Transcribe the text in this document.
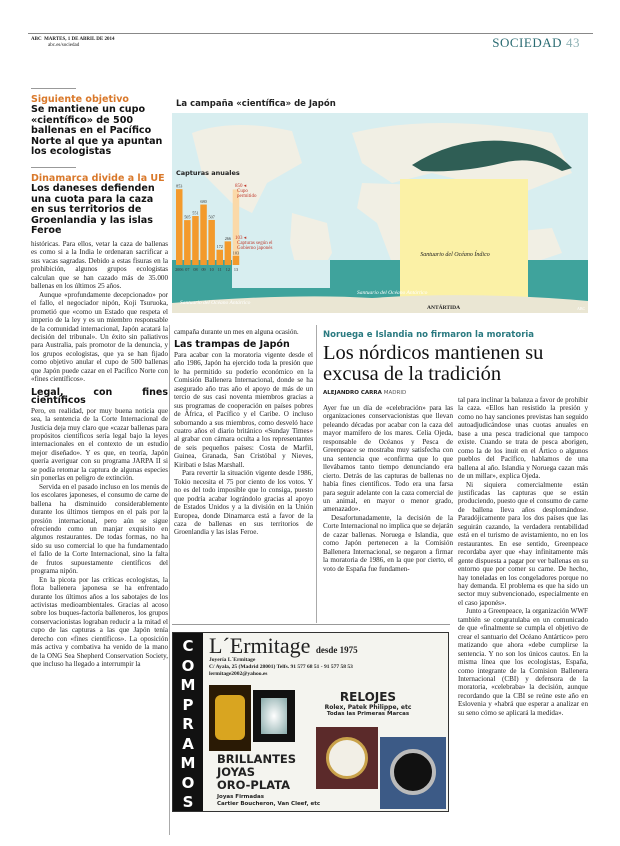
ABC MARTES, 1 DE ABRIL DE 2014
abc.es/sociedad	SOCIEDAD 43
Siguiente objetivo
Se mantiene un cupo «científico» de 500 ballenas en el Pacífico Norte al que ya apuntan los ecologistas
Dinamarca divide a la UE
Los daneses defienden una cuota para la caza en sus territorios de Groenlandia y las islas Feroe

históricas. Para ellos, vetar la caza de ballenas es como si a la India le ordenaran sacrificar a sus vacas sagradas. Debido a estas fisuras en la prohibición, algunos grupos ecologistas calculan que se han cazado más de 35.000 ballenas en los últimos 25 años.

Aunque «profundamente decepcionado» por el fallo, el negociador nipón, Koji Tsuruoka, prometió que «como un Estado que respeta el imperio de la ley y es un miembro responsable de la comunidad internacional, Japón acatará la decisión del tribunal». Un éxito sin paliativos para Australia, país promotor de la denuncia, y los grupos ecologistas, que ya se han fijado como objetivo anular el cupo de 500 ballenas que Japón puede cazar en el Pacífico Norte con «fines científicos».

Legal, con fines científicos

Pero, en realidad, por muy buena noticia que sea, la sentencia de la Corte Internacional de Justicia deja muy claro que «cazar ballenas para propósitos científicos sería legal bajo la leyes internacionales en el contexto de un estudio mejor diseñado». Y es que, en teoría, Japón quería averiguar con su programa JARPA II si se podía retomar la captura de algunas especies sin ponerlas en peligro de extinción.

Servida en el pasado incluso en los menús de los escolares japoneses, el consumo de carne de ballena ha disminuido considerablemente durante los últimos tiempos en el país por la presión internacional, pero aún se sigue ofreciendo como un manjar exquisito en algunos restaurantes. De todas formas, no ha sido su uso comercial lo que ha fundamentado el fallo de la Corte Internacional, sino la falta de frutos supuestamente científicos del programa nipón.

En la picota por las críticas ecologistas, la flota ballenera japonesa se ha enfrentado durante los últimos años a los sabotajes de los activistas medioambientales. Gracias al acoso sobre los buques-factoría balleneros, los grupos conservacionistas lograban reducir a la mitad el cupo de las capturas a las que Japón tenía derecho con «fines científicos». La oposición más activa y combativa ha venido de la mano de la ONG Sea Shepherd Conservation Society, que incluso ha llegado a interrumpir la

La campaña «científica» de Japón
Santuario del Océano Índico
Santuario del Océano Antártico
Santuario del Océano Antártico
ANTÁRTIDA	ABC
Capturas anuales
853
2006
505
07
551
08
680
09
507
10
172
11
266
12
103
13
850 ◂
Cupo permitido
103 ◂
Capturas según el Gobierno japonés

campaña durante un mes en alguna ocasión.

Las trampas de Japón

Para acabar con la moratoria vigente desde el año 1986, Japón ha ejercido toda la presión que le ha permitido su poderío económico en la Comisión Ballenera Internacional, donde se ha asegurado año tras año el apoyo de más de un tercio de sus casi noventa miembros gracias a sus programas de cooperación en países pobres de África, el Pacífico y el Caribe. O incluso sobornando a sus miembros, como desveló hace cuatro años el diario británico «Sunday Times» al grabar con cámara oculta a los representantes de seis pequeños países: Costa de Marfil, Guinea, Granada, San Cristóbal y Nieves, Kiribati e Islas Marshall.

Para revertir la situación vigente desde 1986, Tokio necesita el 75 por ciento de los votos. Y no es del todo imposible que lo consiga, puesto que podría acabar lográndolo gracias al apoyo de Estados Unidos y a la división en la Unión Europea, donde Dinamarca está a favor de la caza de ballenas en sus territorios de Groenlandia y las islas Feroe.

Noruega e Islandia no firmaron la moratoria
Los nórdicos mantienen su excusa de la tradición
ALEJANDRO CARRA MADRID

Ayer fue un día de «celebración» para las organizaciones conservacionistas que llevan peleando décadas por acabar con la caza del mayor mamífero de los mares. Celia Ojeda, responsable de Océanos y Pesca de Greenpeace se mostraba muy satisfecha con una sentencia que «confirma que lo que llevábamos tanto tiempo denunciando era cierto. Detrás de las capturas de ballenas no había fines científicos. Todo era una farsa para seguir adelante con la caza comercial de un animal, en mayor o menor grado, amenazado».

Desafortunadamente, la decisión de la Corte Internacional no implica que se dejarán de cazar ballenas. Noruega e Islandia, que como Japón pertenecen a la Comisión Ballenera Internacional, se negaron a firmar la moratoria de 1986, en la que por cierto, el voto de España fue fundamen-

tal para inclinar la balanza a favor de prohibir la caza. «Ellos han resistido la presión y como no hay sanciones previstas han seguido autoadjudicándose unas cuotas anuales en base a una pesca tradicional que tampoco existe. Cuando se trata de pesca aborigen, como la de los inuit en el Ártico o algunos pueblos del Pacífico, hablamos de una ballena al año. Islandia y Noruega cazan más de un millar», explica Ojeda.

Ni siquiera comercialmente están justificadas las capturas que se están produciendo, puesto que el consumo de carne de ballena lleva años desplomándose. Paradójicamente para los dos países que las seguirán cazando, la verdadera rentabilidad está en el turismo de avistamiento, no en los restaurantes. En ese sentido, Greenpeace recordaba ayer que «hay infinitamente más gente dispuesta a pagar por ver ballenas en su entorno que por comer su carne. De hecho, hay toneladas en los congeladores porque no hay demanda. El problema es que ha sido un sector muy subvencionado, especialmente en el caso japonés».

Junto a Greenpeace, la organización WWF también se congratulaba en un comunicado de que «finalmente se cumpla el objetivo de crear el santuario del Océano Antártico» pero matizando que ahora «debe cumplirse la sentencia. Y no son los únicos cautos. En la misma línea que los ecologistas, España, como integrante de la Comision Ballenera Internacional (CBI) y defensora de la moratoria, «celebraba» la decisión, aunque recordando que la CBI se reúne este año en Eslovenia y «habrá que esperar a analizar en su seno cómo se aplicará la medida».

COMPRAMOS
L´Ermitage desde 1975
Joyería L´Ermitage
C/ Ayala, 25 (Madrid 28001) Telfs. 91 577 68 51 - 91 577 58 53
lermitage2002@yahoo.es
RELOJES
Rolex, Patek Philippe, etc
Todas las Primeras Marcas
BRILLANTES
JOYAS
ORO-PLATA
Joyas Firmadas
Cartier Boucheron, Van Cleef, etc
